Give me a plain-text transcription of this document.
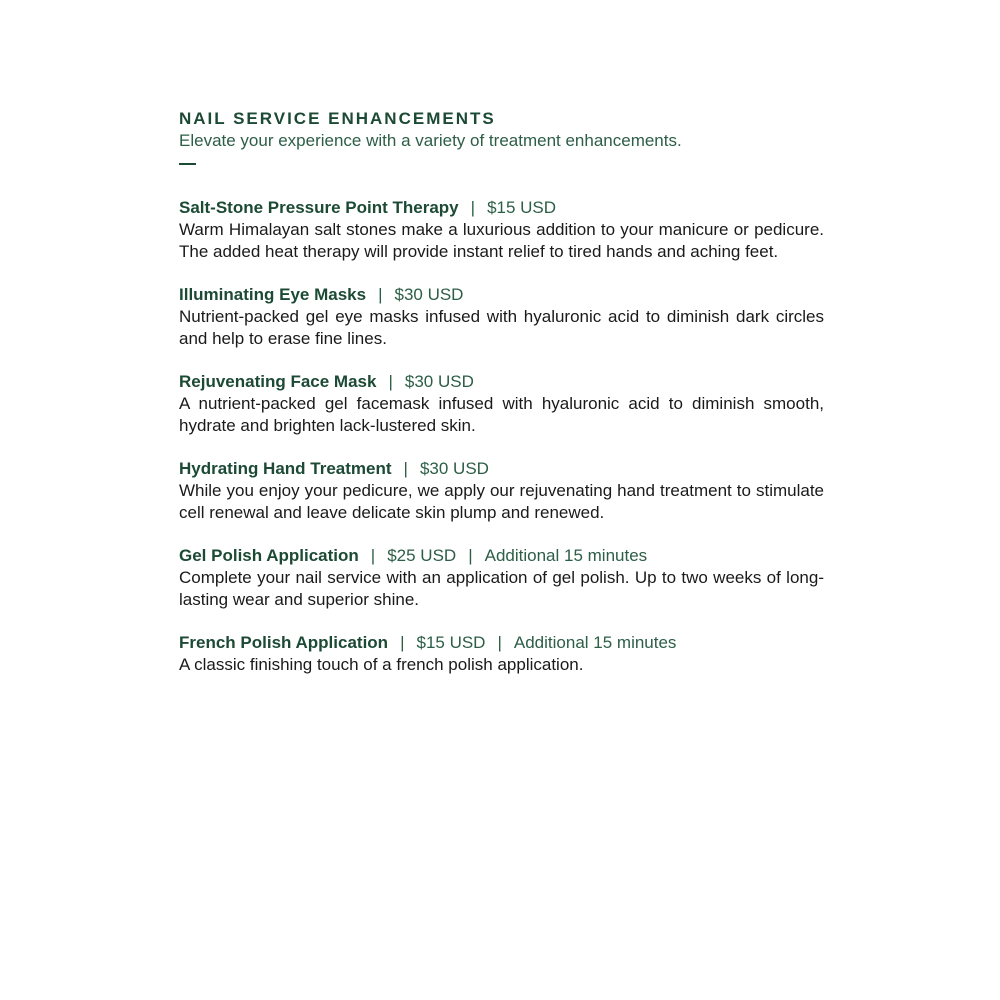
NAIL SERVICE ENHANCEMENTS

Elevate your experience with a variety of treatment enhancements.

Salt-Stone Pressure Point Therapy | $15 USD

Warm Himalayan salt stones make a luxurious addition to your manicure or pedicure. The added heat therapy will provide instant relief to tired hands and aching feet.

Illuminating Eye Masks | $30 USD

Nutrient-packed gel eye masks infused with hyaluronic acid to diminish dark circles and help to erase fine lines.

Rejuvenating Face Mask | $30 USD

A nutrient-packed gel facemask infused with hyaluronic acid to diminish smooth, hydrate and brighten lack-lustered skin.

Hydrating Hand Treatment | $30 USD

While you enjoy your pedicure, we apply our rejuvenating hand treatment to stimulate cell renewal and leave delicate skin plump and renewed.

Gel Polish Application | $25 USD | Additional 15 minutes

Complete your nail service with an application of gel polish. Up to two weeks of long-lasting wear and superior shine.

French Polish Application | $15 USD | Additional 15 minutes

A classic finishing touch of a french polish application.
